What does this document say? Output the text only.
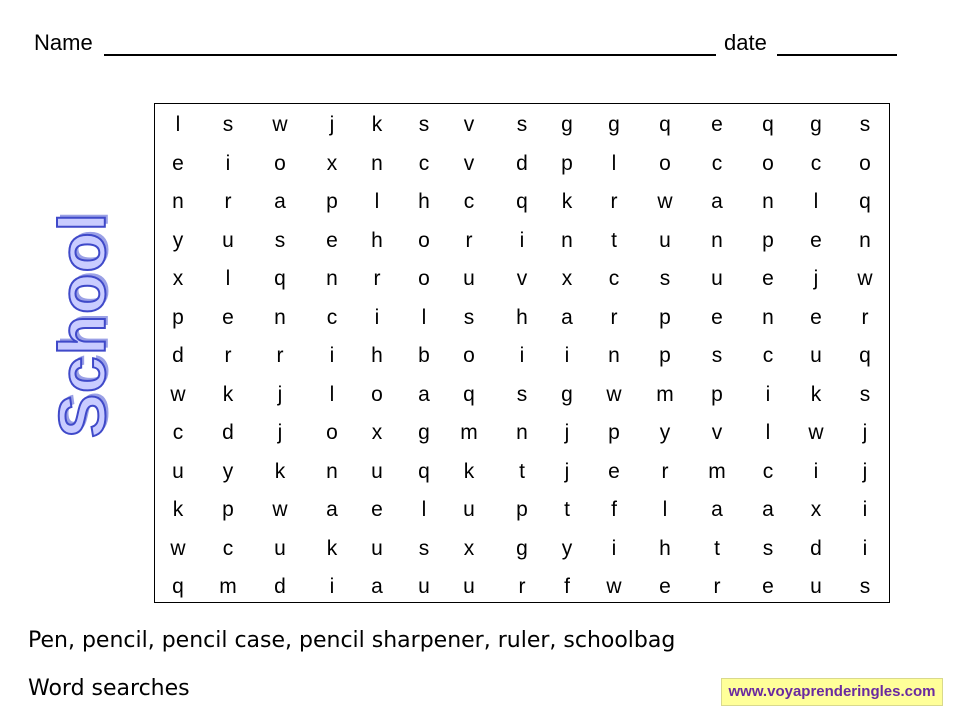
Name	date
School
l	s	w	j	k	s	v	s	g	g	q	e	q	g	s
e	i	o	x	n	c	v	d	p	l	o	c	o	c	o
n	r	a	p	l	h	c	q	k	r	w	a	n	l	q
y	u	s	e	h	o	r	i	n	t	u	n	p	e	n
x	l	q	n	r	o	u	v	x	c	s	u	e	j	w
p	e	n	c	i	l	s	h	a	r	p	e	n	e	r
d	r	r	i	h	b	o	i	i	n	p	s	c	u	q
w	k	j	l	o	a	q	s	g	w	m	p	i	k	s
c	d	j	o	x	g	m	n	j	p	y	v	l	w	j
u	y	k	n	u	q	k	t	j	e	r	m	c	i	j
k	p	w	a	e	l	u	p	t	f	l	a	a	x	i
w	c	u	k	u	s	x	g	y	i	h	t	s	d	i
q	m	d	i	a	u	u	r	f	w	e	r	e	u	s
Pen, pencil, pencil case, pencil sharpener, ruler, schoolbag
Word searches	www.voyaprenderingles.com
